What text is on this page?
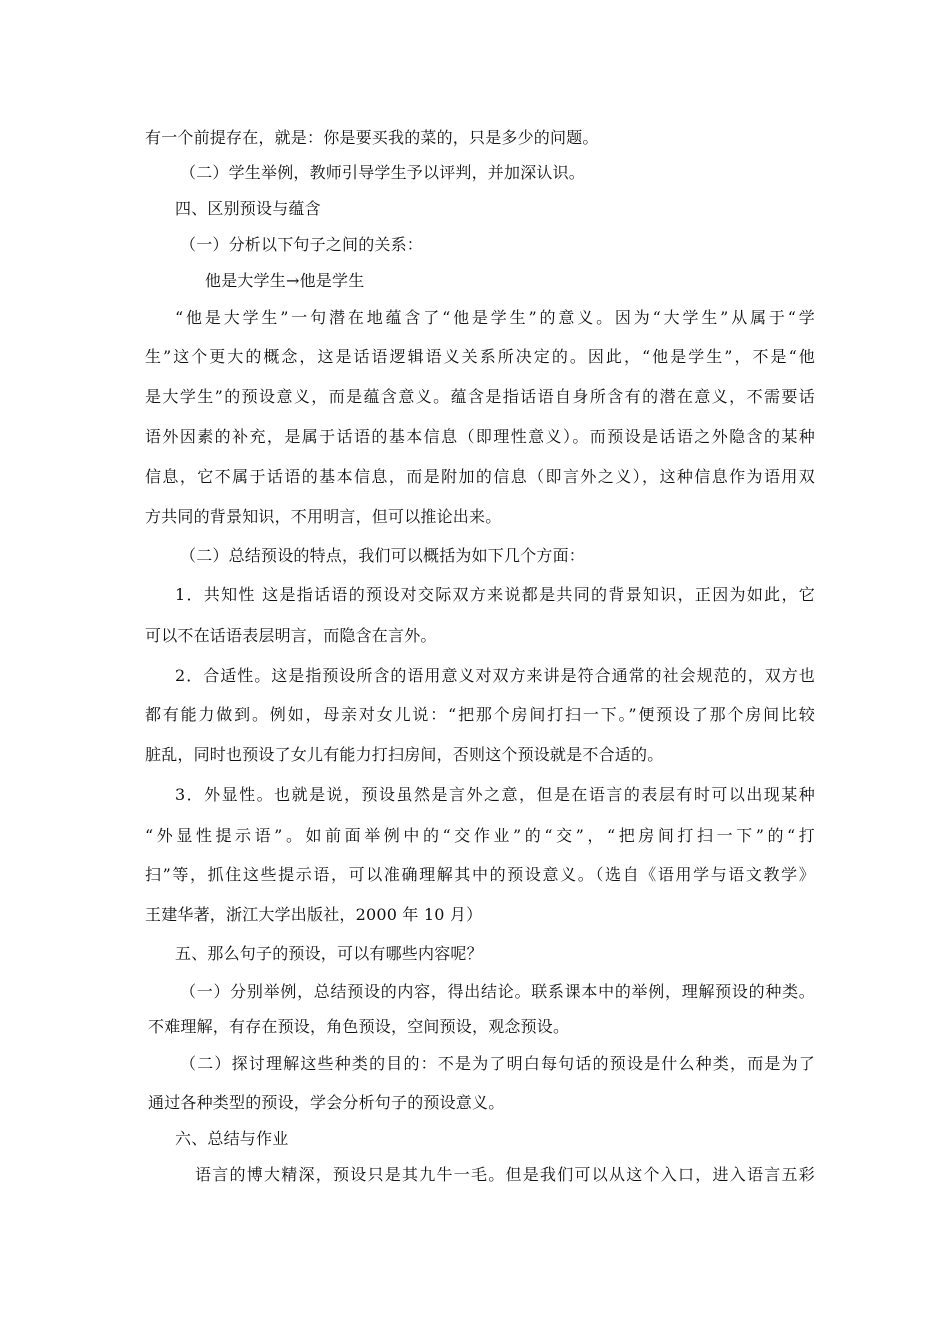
有一个前提存在，就是：你是要买我的菜的，只是多少的问题。
（二）学生举例，教师引导学生予以评判，并加深认识。
四、区别预设与蕴含
（一）分析以下句子之间的关系：
他是大学生→他是学生
“他是大学生”一句潜在地蕴含了“他是学生”的意义。因为“大学生”从属于“学
生”这个更大的概念，这是话语逻辑语义关系所决定的。因此，“他是学生”，不是“他
是大学生”的预设意义，而是蕴含意义。蕴含是指话语自身所含有的潜在意义，不需要话
语外因素的补充，是属于话语的基本信息（即理性意义）。而预设是话语之外隐含的某种
信息，它不属于话语的基本信息，而是附加的信息（即言外之义），这种信息作为语用双
方共同的背景知识，不用明言，但可以推论出来。
（二）总结预设的特点，我们可以概括为如下几个方面：
1．共知性 这是指话语的预设对交际双方来说都是共同的背景知识，正因为如此，它
可以不在话语表层明言，而隐含在言外。
2．合适性。这是指预设所含的语用意义对双方来讲是符合通常的社会规范的，双方也
都有能力做到。例如，母亲对女儿说：“把那个房间打扫一下。”便预设了那个房间比较
脏乱，同时也预设了女儿有能力打扫房间，否则这个预设就是不合适的。
3．外显性。也就是说，预设虽然是言外之意，但是在语言的表层有时可以出现某种
“外显性提示语”。如前面举例中的“交作业”的“交”，“把房间打扫一下”的“打
扫”等，抓住这些提示语，可以准确理解其中的预设意义。（选自《语用学与语文教学》
王建华著，浙江大学出版社，2000 年 10 月）
五、那么句子的预设，可以有哪些内容呢？
（一）分别举例，总结预设的内容，得出结论。联系课本中的举例，理解预设的种类。
不难理解，有存在预设，角色预设，空间预设，观念预设。
（二）探讨理解这些种类的目的：不是为了明白每句话的预设是什么种类，而是为了
通过各种类型的预设，学会分析句子的预设意义。
六、总结与作业
语言的博大精深，预设只是其九牛一毛。但是我们可以从这个入口，进入语言五彩
